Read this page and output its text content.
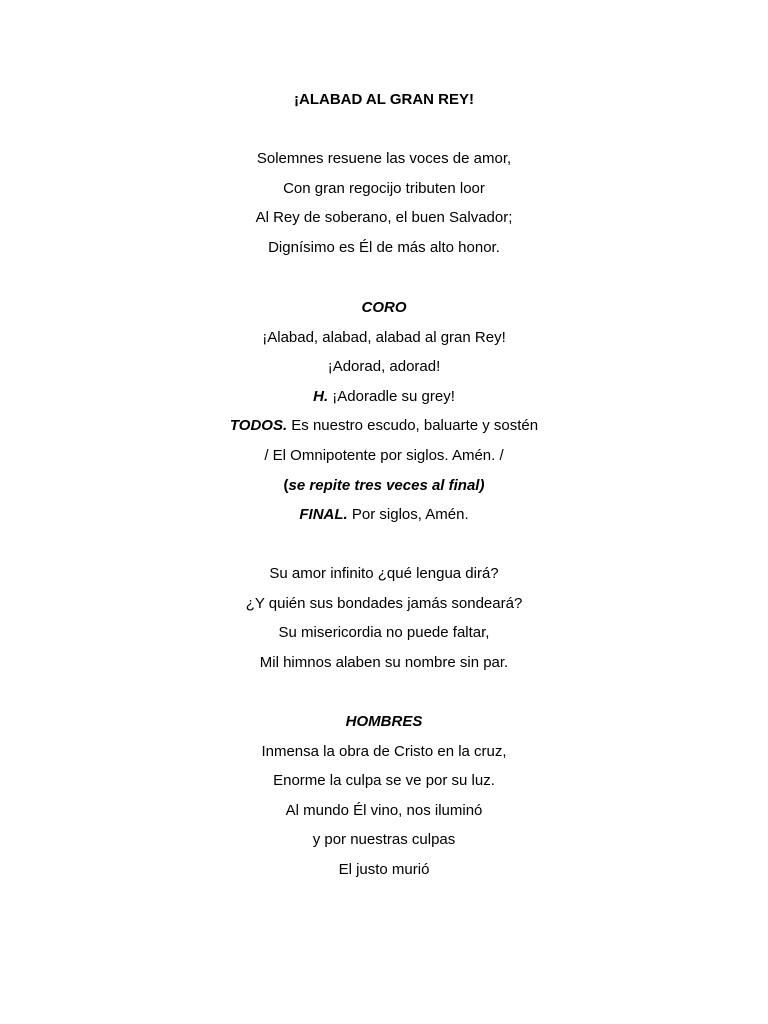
¡ALABAD AL GRAN REY!
Solemnes resuene las voces de amor,
Con gran regocijo tributen loor
Al Rey de soberano, el buen Salvador;
Dignísimo es Él de más alto honor.
CORO
¡Alabad, alabad, alabad al gran Rey!
¡Adorad, adorad!
H. ¡Adoradle su grey!
TODOS. Es nuestro escudo, baluarte y sostén
/ El Omnipotente por siglos. Amén. /
(se repite tres veces al final)
FINAL. Por siglos, Amén.
Su amor infinito ¿qué lengua dirá?
¿Y quién sus bondades jamás sondeará?
Su misericordia no puede faltar,
Mil himnos alaben su nombre sin par.
HOMBRES
Inmensa la obra de Cristo en la cruz,
Enorme la culpa se ve por su luz.
Al mundo Él vino, nos iluminó
y por nuestras culpas
El justo murió
